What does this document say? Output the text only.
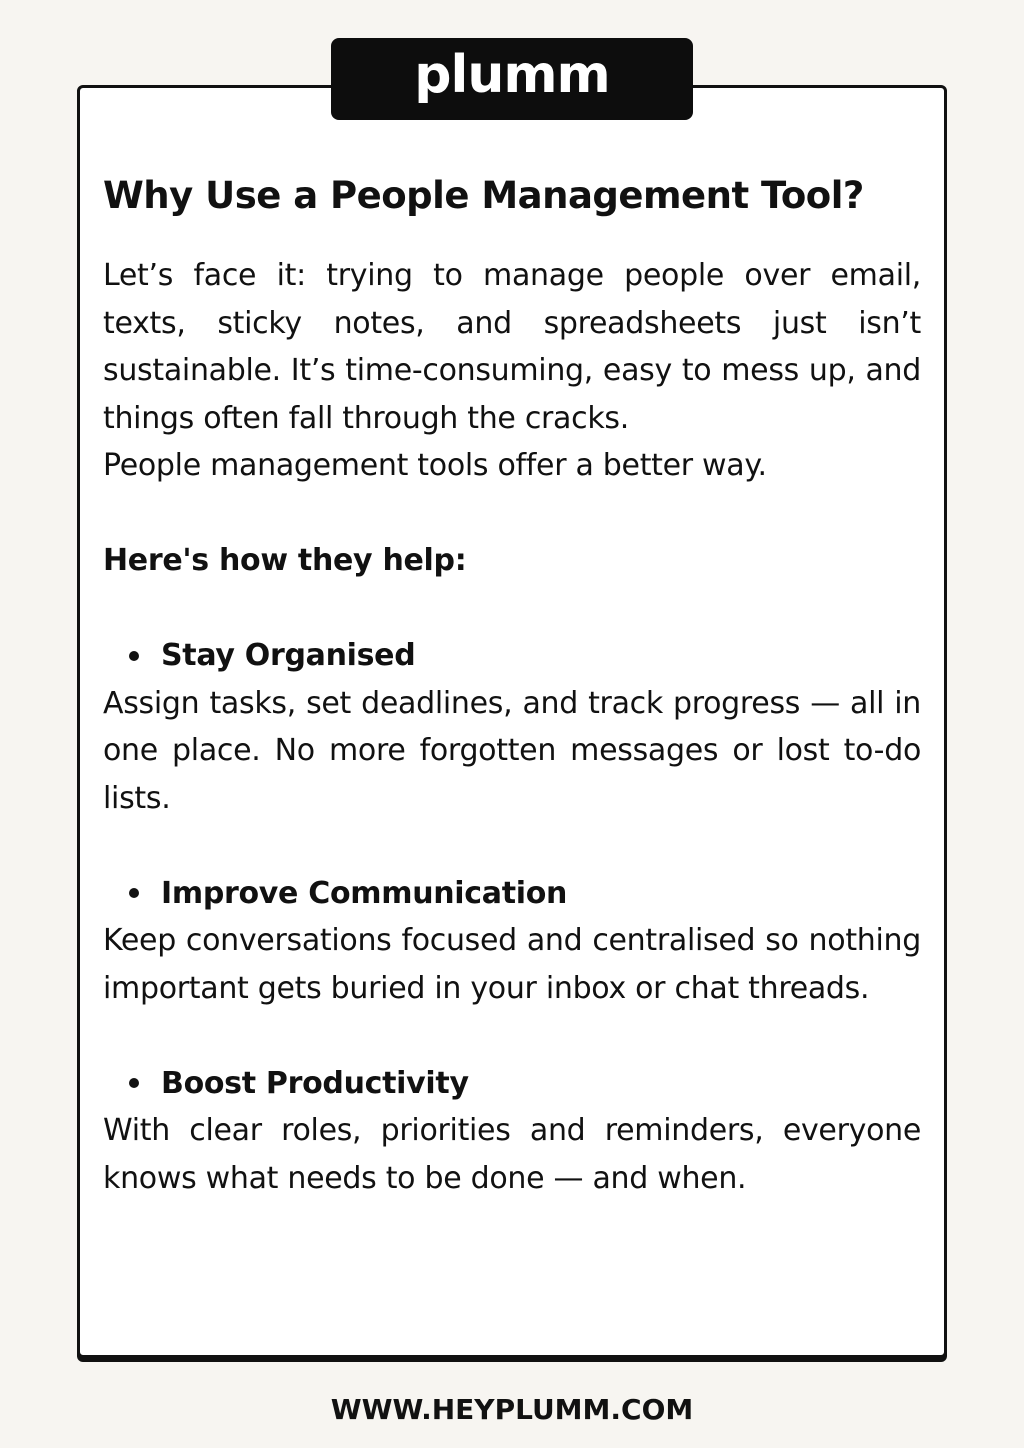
plumm
Why Use a People Management Tool?

Let’s face it: trying to manage people over email, texts, sticky notes, and spreadsheets just isn’t sustainable. It’s time-consuming, easy to mess up, and things often fall through the cracks.

People management tools offer a better way.

Here's how they help:

Stay Organised

Assign tasks, set deadlines, and track progress — all in one place. No more forgotten messages or lost to-do lists.

Improve Communication

Keep conversations focused and centralised so nothing important gets buried in your inbox or chat threads.

Boost Productivity

With clear roles, priorities and reminders, everyone knows what needs to be done — and when.

WWW.HEYPLUMM.COM
